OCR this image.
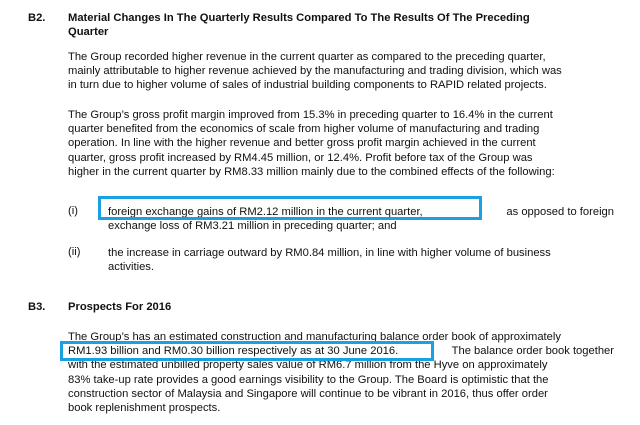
B2. Material Changes In The Quarterly Results Compared To The Results Of The Preceding
Quarter
The Group recorded higher revenue in the current quarter as compared to the preceding quarter,
mainly attributable to higher revenue achieved by the manufacturing and trading division, which was
in turn due to higher volume of sales of industrial building components to RAPID related projects.
The Group’s gross profit margin improved from 15.3% in preceding quarter to 16.4% in the current
quarter benefited from the economics of scale from higher volume of manufacturing and trading
operation. In line with the higher revenue and better gross profit margin achieved in the current
quarter, gross profit increased by RM4.45 million, or 12.4%. Profit before tax of the Group was
higher in the current quarter by RM8.33 million mainly due to the combined effects of the following:
(i)	foreign exchange gains of RM2.12 million in the current quarter,	as opposed to foreign
exchange loss of RM3.21 million in preceding quarter; and
(ii) the increase in carriage outward by RM0.84 million, in line with higher volume of business
activities.
B3. Prospects For 2016
The Group’s has an estimated construction and manufacturing balance order book of approximately
RM1.93 billion and RM0.30 billion respectively as at 30 June 2016.	The balance order book together
with the estimated unbilled property sales value of RM6.7 million from the Hyve on approximately
83% take-up rate provides a good earnings visibility to the Group. The Board is optimistic that the
construction sector of Malaysia and Singapore will continue to be vibrant in 2016, thus offer order
book replenishment prospects.
